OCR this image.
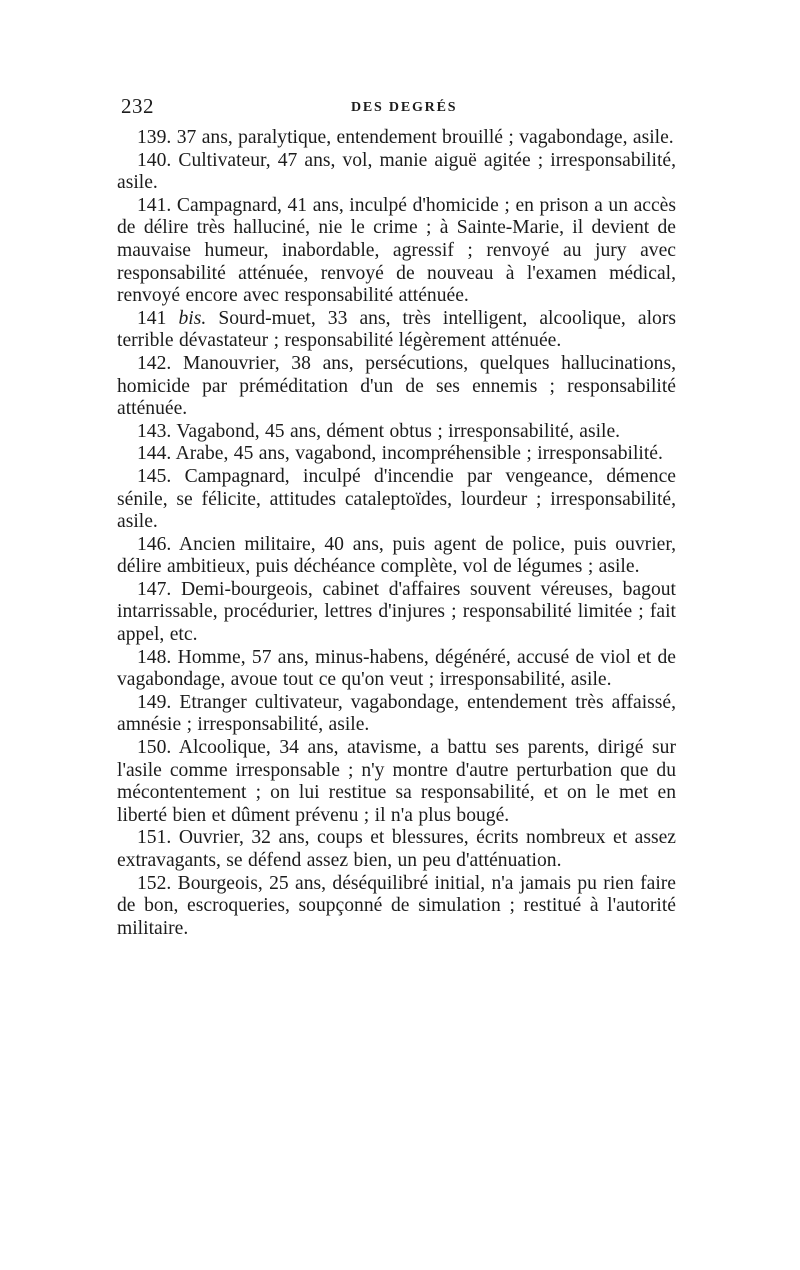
232	DES DEGRÉS

139. 37 ans, paralytique, entendement brouillé ; vagabondage, asile.

140. Cultivateur, 47 ans, vol, manie aiguë agitée ; irresponsabilité, asile.

141. Campagnard, 41 ans, inculpé d'homicide ; en prison a un accès de délire très halluciné, nie le crime ; à Sainte-Marie, il devient de mauvaise humeur, inabordable, agressif ; renvoyé au jury avec responsabilité atténuée, renvoyé de nouveau à l'examen médical, renvoyé encore avec responsabilité atténuée.

141 bis. Sourd-muet, 33 ans, très intelligent, alcoolique, alors terrible dévastateur ; responsabilité légèrement atténuée.

142. Manouvrier, 38 ans, persécutions, quelques hallucinations, homicide par préméditation d'un de ses ennemis ; responsabilité atténuée.

143. Vagabond, 45 ans, dément obtus ; irresponsabilité, asile.

144. Arabe, 45 ans, vagabond, incompréhensible ; irresponsabilité.

145. Campagnard, inculpé d'incendie par vengeance, démence sénile, se félicite, attitudes cataleptoïdes, lourdeur ; irresponsabilité, asile.

146. Ancien militaire, 40 ans, puis agent de police, puis ouvrier, délire ambitieux, puis déchéance complète, vol de légumes ; asile.

147. Demi-bourgeois, cabinet d'affaires souvent véreuses, bagout intarrissable, procédurier, lettres d'injures ; responsabilité limitée ; fait appel, etc.

148. Homme, 57 ans, minus-habens, dégénéré, accusé de viol et de vagabondage, avoue tout ce qu'on veut ; irresponsabilité, asile.

149. Etranger cultivateur, vagabondage, entendement très affaissé, amnésie ; irresponsabilité, asile.

150. Alcoolique, 34 ans, atavisme, a battu ses parents, dirigé sur l'asile comme irresponsable ; n'y montre d'autre perturbation que du mécontentement ; on lui restitue sa responsabilité, et on le met en liberté bien et dûment prévenu ; il n'a plus bougé.

151. Ouvrier, 32 ans, coups et blessures, écrits nombreux et assez extravagants, se défend assez bien, un peu d'atténuation.

152. Bourgeois, 25 ans, déséquilibré initial, n'a jamais pu rien faire de bon, escroqueries, soupçonné de simulation ; restitué à l'autorité militaire.
